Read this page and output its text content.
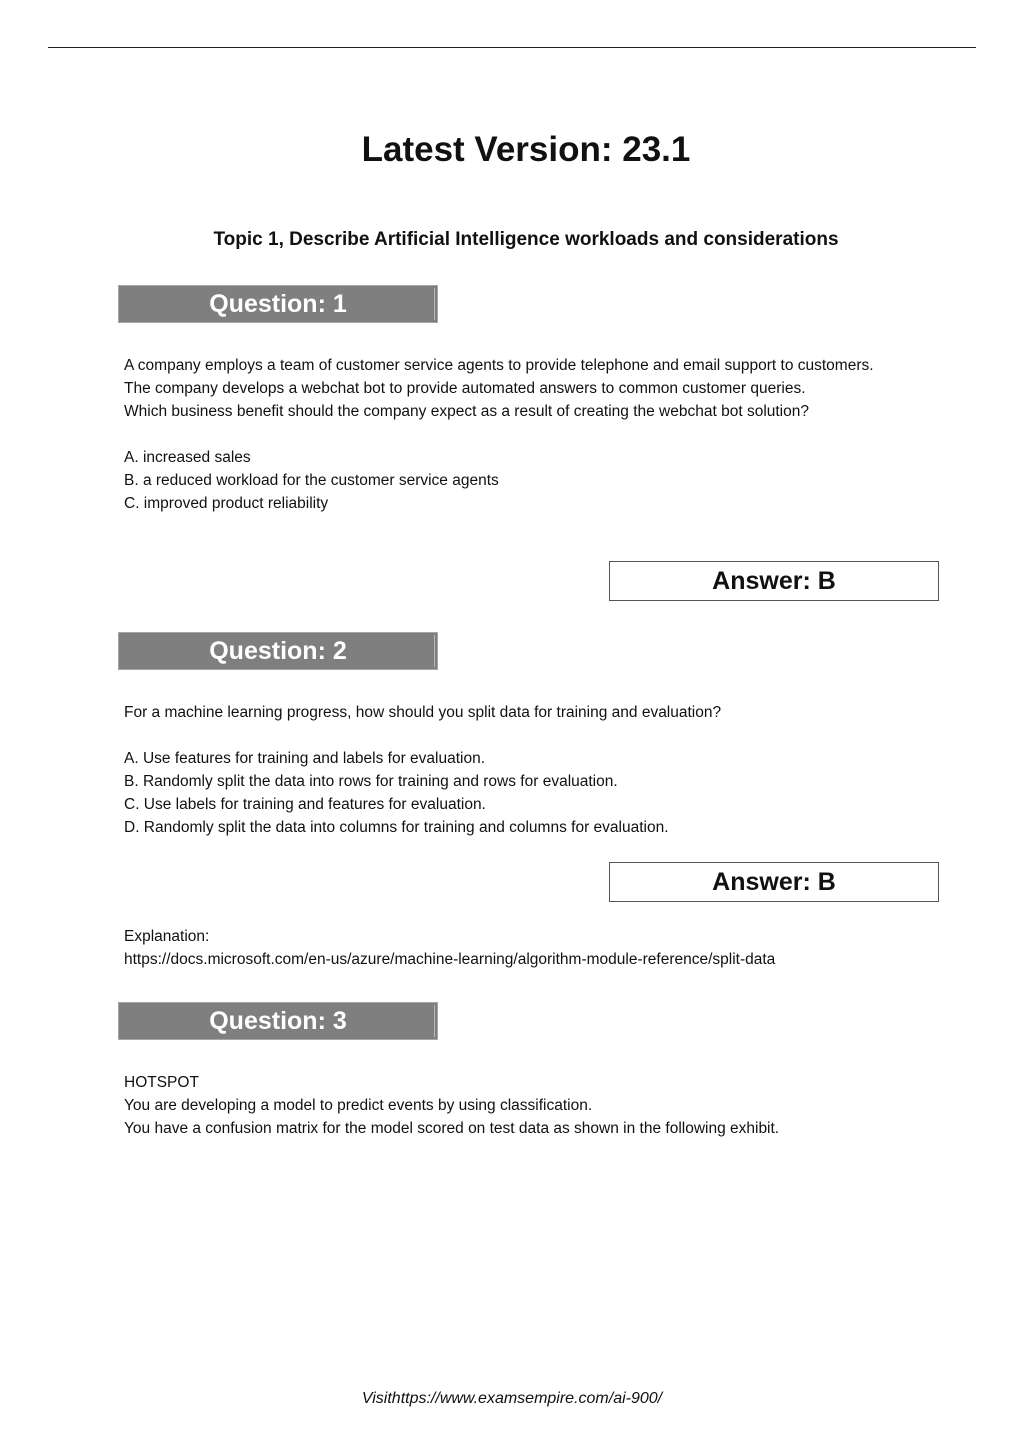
Latest Version: 23.1
Topic 1, Describe Artificial Intelligence workloads and considerations
Question: 1

A company employs a team of customer service agents to provide telephone and email support to customers.

The company develops a webchat bot to provide automated answers to common customer queries.

Which business benefit should the company expect as a result of creating the webchat bot solution?

A. increased sales

B. a reduced workload for the customer service agents

C. improved product reliability

Answer: B
Question: 2

For a machine learning progress, how should you split data for training and evaluation?

A. Use features for training and labels for evaluation.

B. Randomly split the data into rows for training and rows for evaluation.

C. Use labels for training and features for evaluation.

D. Randomly split the data into columns for training and columns for evaluation.

Answer: B

Explanation:

https://docs.microsoft.com/en-us/azure/machine-learning/algorithm-module-reference/split-data

Question: 3

HOTSPOT

You are developing a model to predict events by using classification.

You have a confusion matrix for the model scored on test data as shown in the following exhibit.

Visithttps://www.examsempire.com/ai-900/
